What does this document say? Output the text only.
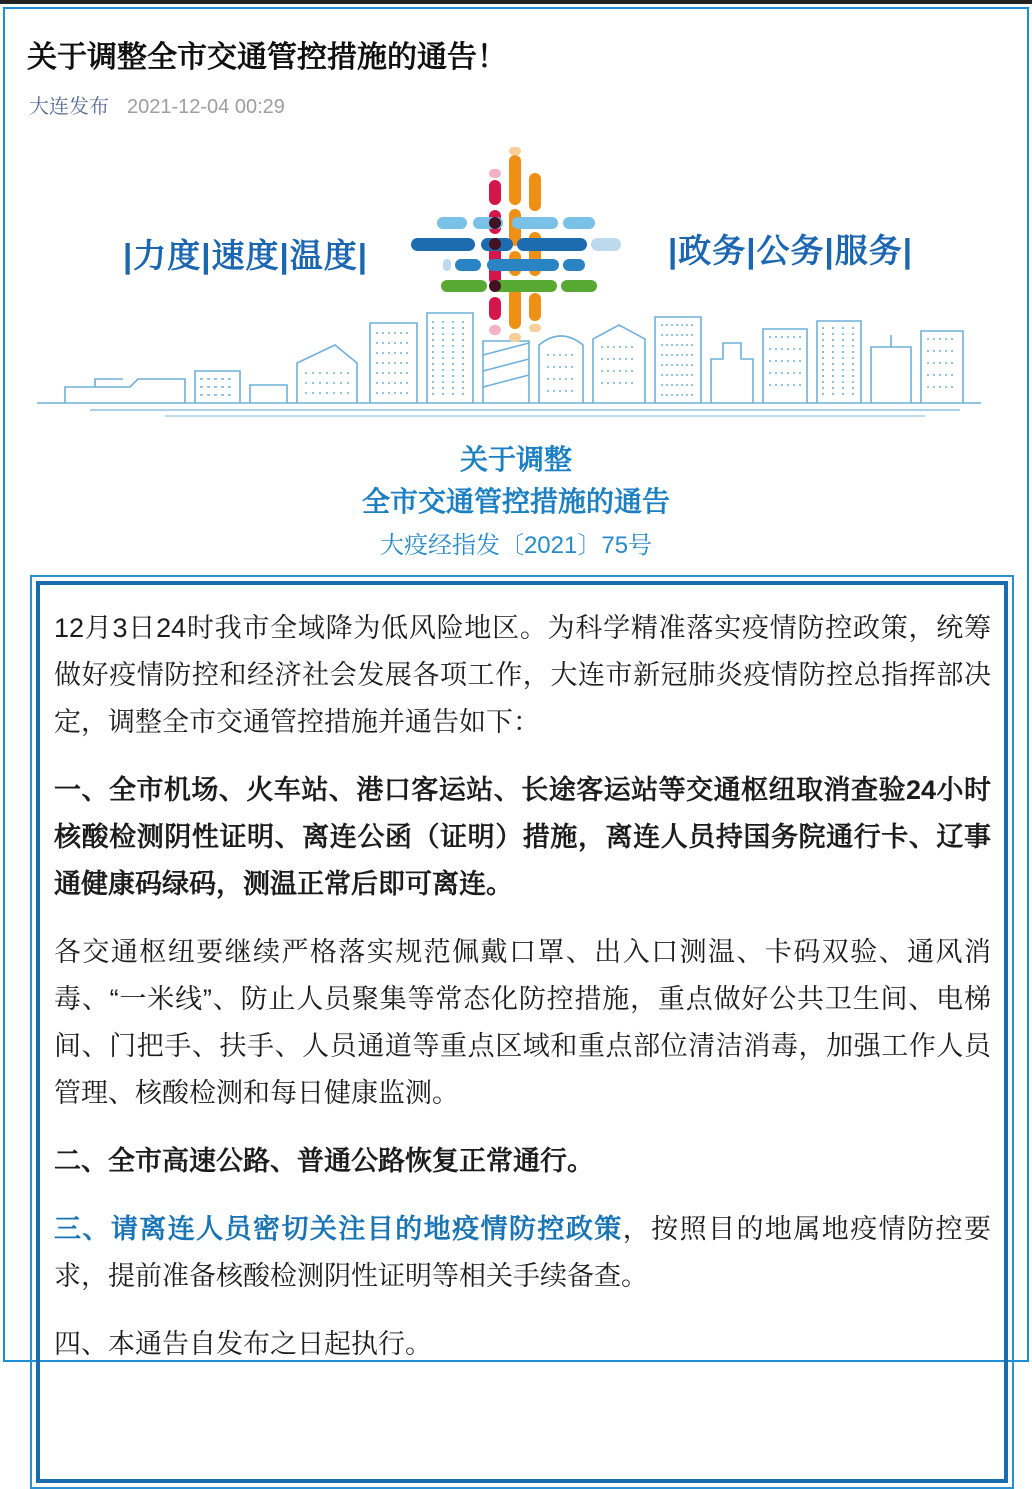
关于调整全市交通管控措施的通告！
大连发布 2021-12-04 00:29
|力度|速度|温度|	|政务|公务|服务|
关于调整
全市交通管控措施的通告
大疫经指发〔2021〕75号

12月3日24时我市全域降为低风险地区。为科学精准落实疫情防控政策，统筹做好疫情防控和经济社会发展各项工作，大连市新冠肺炎疫情防控总指挥部决定，调整全市交通管控措施并通告如下：

一、全市机场、火车站、港口客运站、长途客运站等交通枢纽取消查验24小时核酸检测阴性证明、离连公函（证明）措施，离连人员持国务院通行卡、辽事通健康码绿码，测温正常后即可离连。

各交通枢纽要继续严格落实规范佩戴口罩、出入口测温、卡码双验、通风消毒、“一米线”、防止人员聚集等常态化防控措施，重点做好公共卫生间、电梯间、门把手、扶手、人员通道等重点区域和重点部位清洁消毒，加强工作人员管理、核酸检测和每日健康监测。

二、全市高速公路、普通公路恢复正常通行。

三、请离连人员密切关注目的地疫情防控政策，按照目的地属地疫情防控要求，提前准备核酸检测阴性证明等相关手续备查。

四、本通告自发布之日起执行。
